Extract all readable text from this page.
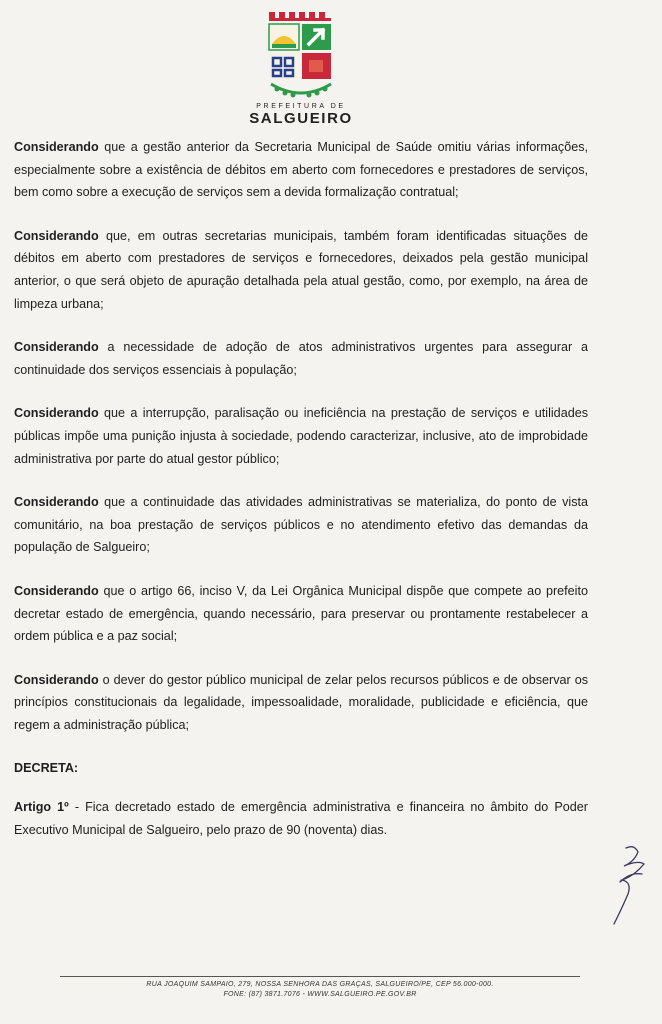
PREFEITURA DE
SALGUEIRO

Considerando que a gestão anterior da Secretaria Municipal de Saúde omitiu várias informações, especialmente sobre a existência de débitos em aberto com fornecedores e prestadores de serviços, bem como sobre a execução de serviços sem a devida formalização contratual;

Considerando que, em outras secretarias municipais, também foram identificadas situações de débitos em aberto com prestadores de serviços e fornecedores, deixados pela gestão municipal anterior, o que será objeto de apuração detalhada pela atual gestão, como, por exemplo, na área de limpeza urbana;

Considerando a necessidade de adoção de atos administrativos urgentes para assegurar a continuidade dos serviços essenciais à população;

Considerando que a interrupção, paralisação ou ineficiência na prestação de serviços e utilidades públicas impõe uma punição injusta à sociedade, podendo caracterizar, inclusive, ato de improbidade administrativa por parte do atual gestor público;

Considerando que a continuidade das atividades administrativas se materializa, do ponto de vista comunitário, na boa prestação de serviços públicos e no atendimento efetivo das demandas da população de Salgueiro;

Considerando que o artigo 66, inciso V, da Lei Orgânica Municipal dispõe que compete ao prefeito decretar estado de emergência, quando necessário, para preservar ou prontamente restabelecer a ordem pública e a paz social;

Considerando o dever do gestor público municipal de zelar pelos recursos públicos e de observar os princípios constitucionais da legalidade, impessoalidade, moralidade, publicidade e eficiência, que regem a administração pública;

DECRETA:

Artigo 1º - Fica decretado estado de emergência administrativa e financeira no âmbito do Poder Executivo Municipal de Salgueiro, pelo prazo de 90 (noventa) dias.

RUA JOAQUIM SAMPAIO, 279, NOSSA SENHORA DAS GRAÇAS, SALGUEIRO/PE, CEP 56.000-000.
FONE: (87) 3871.7076 - WWW.SALGUEIRO.PE.GOV.BR
